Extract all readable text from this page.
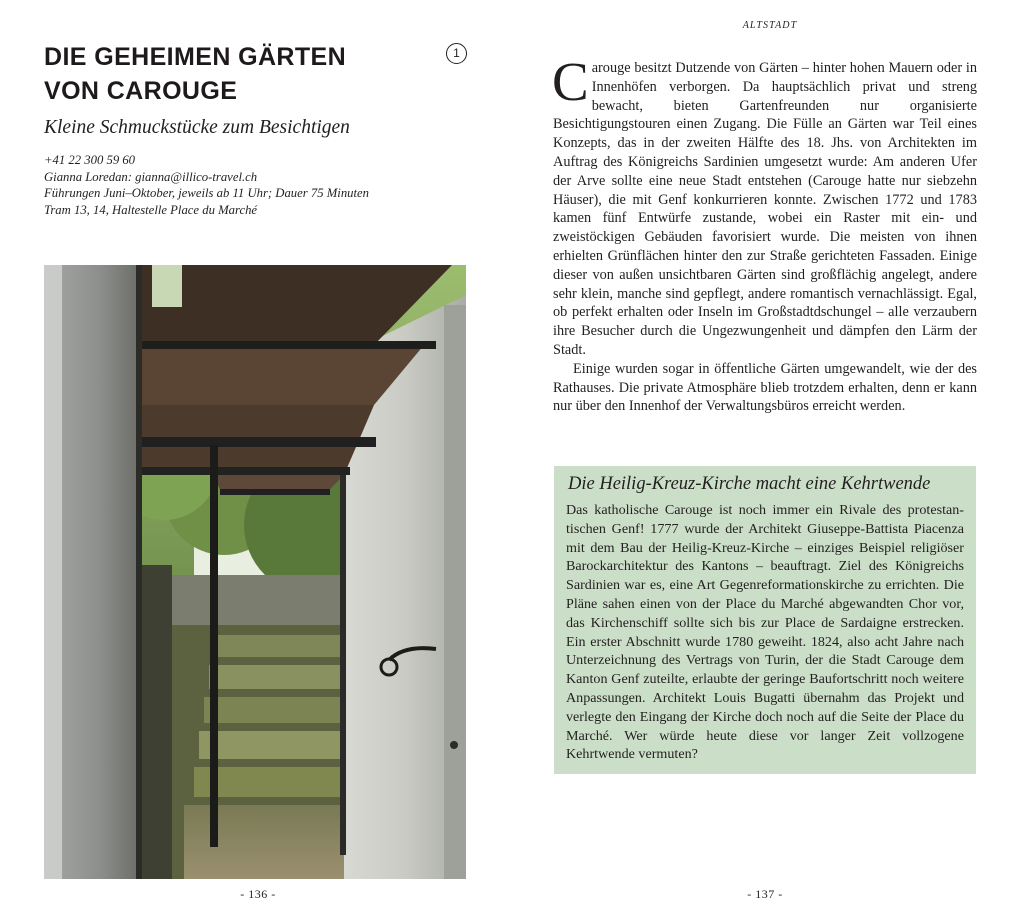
DIE GEHEIMEN GÄRTEN
VON CAROUGE
1
Kleine Schmuckstücke zum Besichtigen
+41 22 300 59 60
Gianna Loredan: gianna@illico-travel.ch
Führungen Juni–Oktober, jeweils ab 11 Uhr; Dauer 75 Minuten
Tram 13, 14, Haltestelle Place du Marché
- 136 -
ALTSTADT

Carouge besitzt Dutzende von Gärten – hinter hohen Mauern oder in Innenhöfen verborgen. Da hauptsächlich privat und streng bewacht, bieten Gartenfreunden nur organisierte Besichtigungstouren einen Zugang. Die Fülle an Gärten war Teil eines Konzepts, das in der zweiten Hälfte des 18. Jhs. von Architekten im Auftrag des Königreichs Sardinien umgesetzt wurde: Am anderen Ufer der Arve sollte eine neue Stadt entstehen (Carouge hatte nur siebzehn Häuser), die mit Genf konkurrieren konnte. Zwischen 1772 und 1783 kamen fünf Entwürfe zustande, wobei ein Raster mit ein- und zweistöckigen Gebäuden favorisiert wurde. Die meisten von ihnen erhielten Grünflächen hinter den zur Straße gerichteten Fassaden. Einige dieser von außen unsichtbaren Gärten sind großflächig angelegt, andere sehr klein, manche sind gepflegt, andere romantisch vernachlässigt. Egal, ob perfekt erhalten oder Inseln im Großstadtdschungel – alle verzaubern ihre Besucher durch die Ungezwungenheit und dämpfen den Lärm der Stadt.

Einige wurden sogar in öffentliche Gärten umgewandelt, wie der des Rathauses. Die private Atmosphäre blieb trotzdem erhalten, denn er kann nur über den Innenhof der Verwaltungsbüros erreicht werden.

Die Heilig-Kreuz-Kirche macht eine Kehrtwende

Das katholische Carouge ist noch immer ein Rivale des protestantischen Genf! 1777 wurde der Architekt Giuseppe-Battista Piacenza mit dem Bau der Heilig-Kreuz-Kirche – einziges Beispiel religiöser Barockarchitektur des Kantons – beauftragt. Ziel des Königreichs Sardinien war es, eine Art Gegenreformationskirche zu errichten. Die Pläne sahen einen von der Place du Marché abgewandten Chor vor, das Kirchenschiff sollte sich bis zur Place de Sardaigne erstrecken. Ein erster Abschnitt wurde 1780 geweiht. 1824, also acht Jahre nach Unterzeichnung des Vertrags von Turin, der die Stadt Carouge dem Kanton Genf zuteilte, erlaubte der geringe Baufortschritt noch weitere Anpassungen. Architekt Louis Bugatti übernahm das Projekt und verlegte den Eingang der Kirche doch noch auf die Seite der Place du Marché. Wer würde heute diese vor langer Zeit vollzogene Kehrtwende vermuten?

- 137 -
